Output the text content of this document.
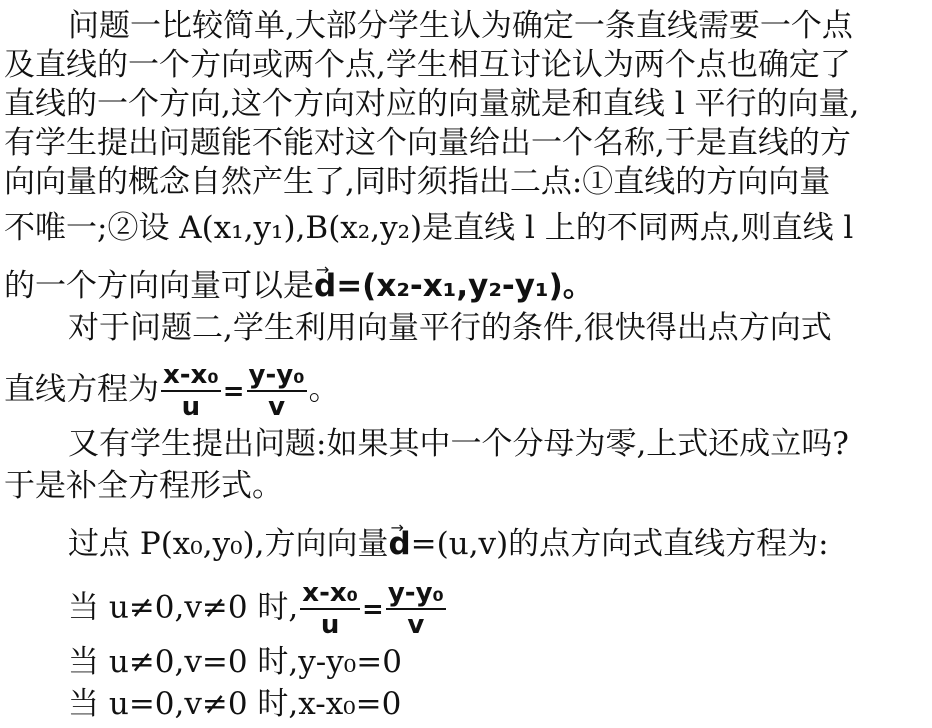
问题一比较简单,大部分学生认为确定一条直线需要一个点
及直线的一个方向或两个点,学生相互讨论认为两个点也确定了
直线的一个方向,这个方向对应的向量就是和直线 l 平行的向量,
有学生提出问题能不能对这个向量给出一个名称,于是直线的方
向向量的概念自然产生了,同时须指出二点:①直线的方向向量
不唯一;②设 A(x₁,y₁),B(x₂,y₂)是直线 l 上的不同两点,则直线 l
的一个方向向量可以是→ d=(x₂-x₁,y₂-y₁)。
对于问题二,学生利用向量平行的条件,很快得出点方向式
直线方程为 $\frac{\text{x-x₀}}{u} = \frac{\text{y-y₀}}{v}$ 。
又有学生提出问题:如果其中一个分母为零,上式还成立吗?
于是补全方程形式。
过点 P(x₀,y₀),方向向量→ d=(u,v)的点方向式直线方程为:
当 u≠0,v≠0 时, $\frac{\text{x-x₀}}{u} = \frac{\text{y-y₀}}{v}$
当 u≠0,v=0 时,y-y₀=0
当 u=0,v≠0 时,x-x₀=0
